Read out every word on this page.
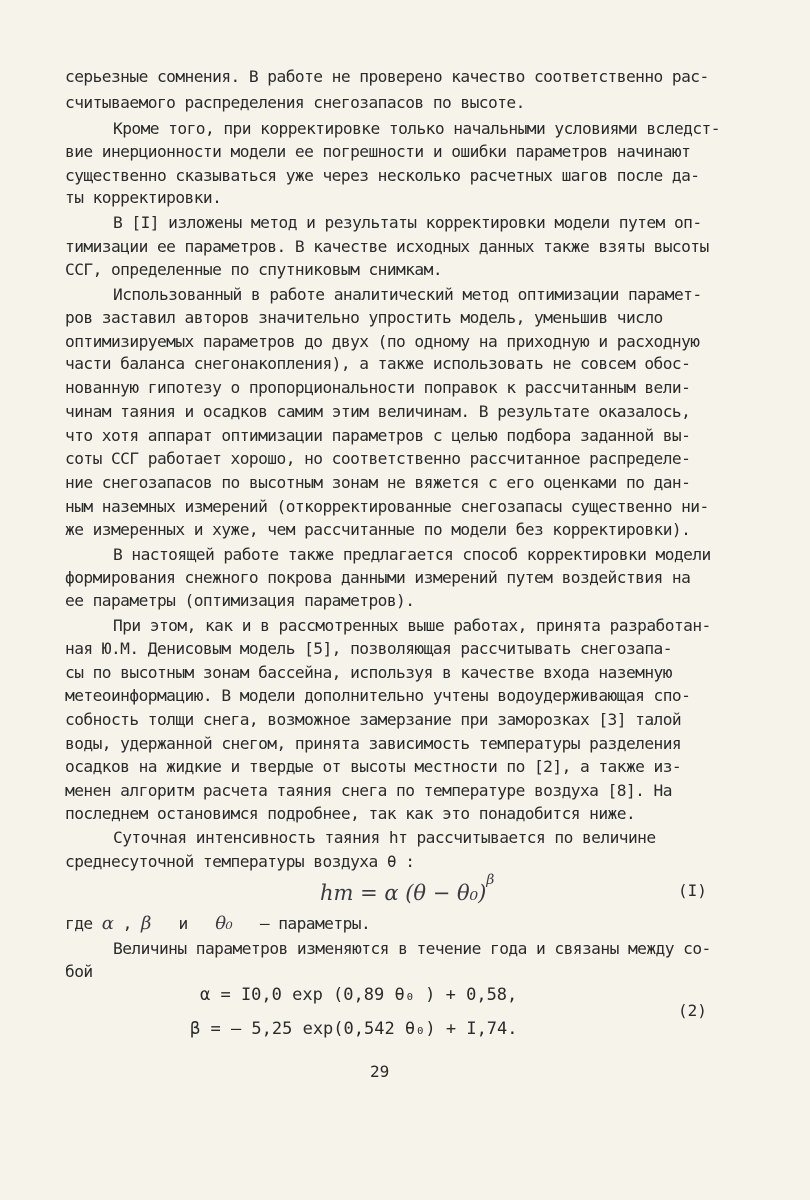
серьезные сомнения. В работе не проверено качество соответственно рас-
считываемого распределения снегозапасов по высоте.
Кроме того, при корректировке только начальными условиями вследст-
вие инерционности модели ее погрешности и ошибки параметров начинают
существенно сказываться уже через несколько расчетных шагов после да-
ты корректировки.
В [I] изложены метод и результаты корректировки модели путем оп-
тимизации ее параметров. В качестве исходных данных также взяты высоты
ССГ, определенные по спутниковым снимкам.
Использованный в работе аналитический метод оптимизации парамет-
ров заставил авторов значительно упростить модель, уменьшив число
оптимизируемых параметров до двух (по одному на приходную и расходную
части баланса снегонакопления), а также использовать не совсем обос-
нованную гипотезу о пропорциональности поправок к рассчитанным вели-
чинам таяния и осадков самим этим величинам. В результате оказалось,
что хотя аппарат оптимизации параметров с целью подбора заданной вы-
соты ССГ работает хорошо, но соответственно рассчитанное распределе-
ние снегозапасов по высотным зонам не вяжется с его оценками по дан-
ным наземных измерений (откорректированные снегозапасы существенно ни-
же измеренных и хуже, чем рассчитанные по модели без корректировки).
В настоящей работе также предлагается способ корректировки модели
формирования снежного покрова данными измерений путем воздействия на
ее параметры (оптимизация параметров).
При этом, как и в рассмотренных выше работах, принята разработан-
ная Ю.М. Денисовым модель [5], позволяющая рассчитывать снегозапа-
сы по высотным зонам бассейна, используя в качестве входа наземную
метеоинформацию. В модели дополнительно учтены водоудерживающая спо-
собность толщи снега, возможное замерзание при заморозках [3] талой
воды, удержанной снегом, принята зависимость температуры разделения
осадков на жидкие и твердые от высоты местности по [2], а также из-
менен алгоритм расчета таяния снега по температуре воздуха [8]. На
последнем остановимся подробнее, так как это понадобится ниже.
Суточная интенсивность таяния hт рассчитывается по величине
среднесуточной температуры воздуха θ :
hт = α $(\theta - \theta_0)^\beta$
(I)
где α , β и θ₀ – параметры.
Величины параметров изменяются в течение года и связаны между со-
бой
α = I0,0 exp (0,89 θ₀ ) + 0,58,
β = – 5,25 exp(0,542 θ₀) + I,74.
(2)
29
